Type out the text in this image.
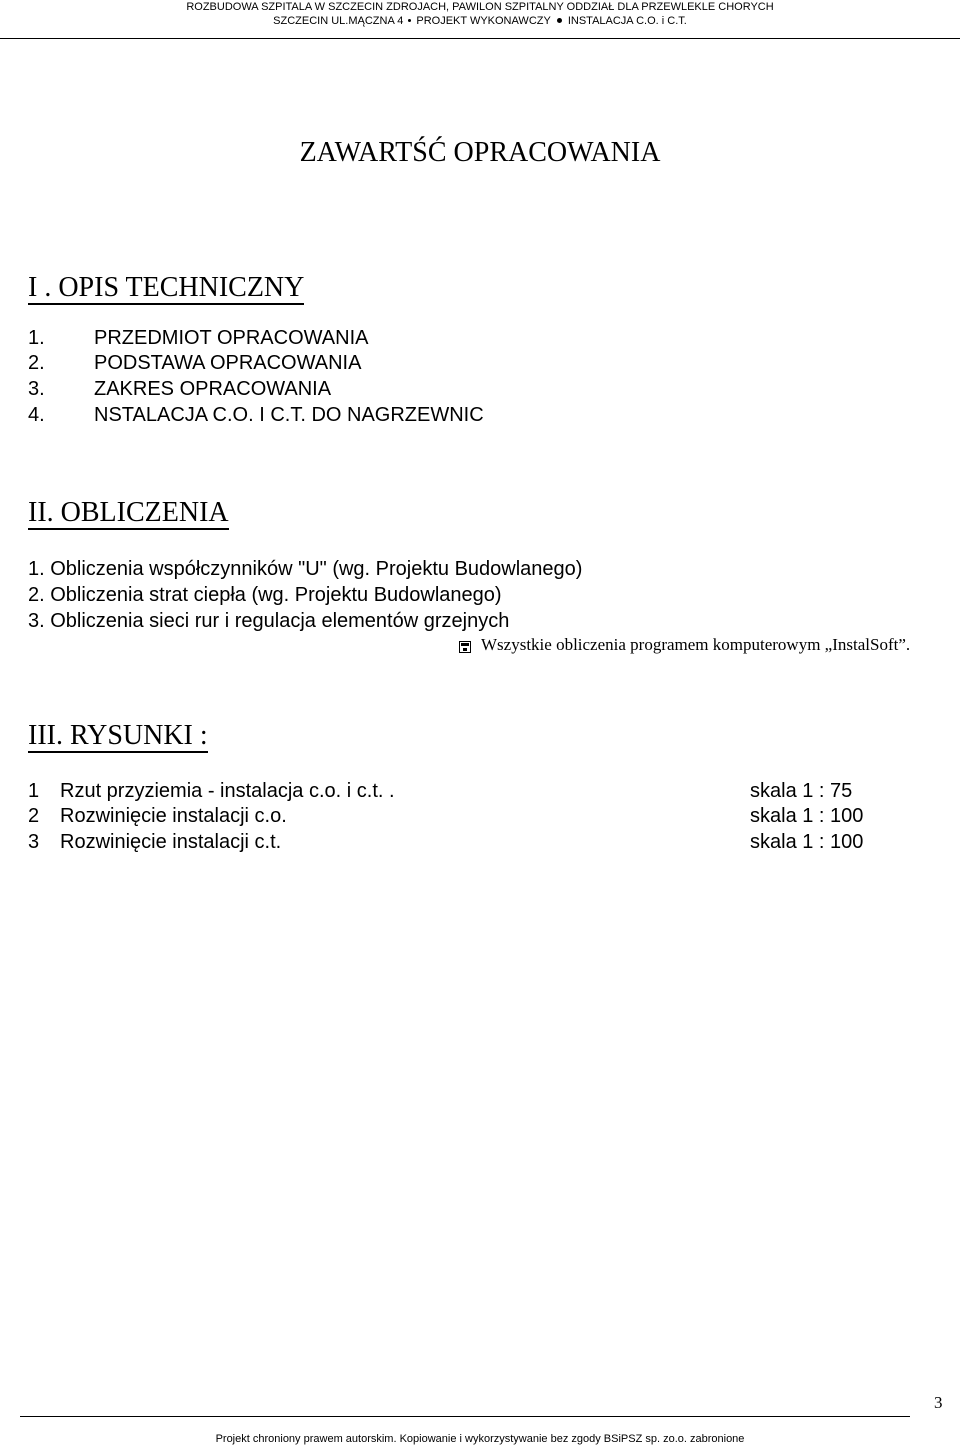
ROZBUDOWA SZPITALA W SZCZECIN ZDROJACH, PAWILON SZPITALNY ODDZIAŁ DLA PRZEWLEKLE CHORYCH
SZCZECIN UL.MĄCZNA 4 PROJEKT WYKONAWCZY INSTALACJA C.O. i C.T.
ZAWARTŚĆ OPRACOWANIA
I . OPIS TECHNICZNY
1. PRZEDMIOT OPRACOWANIA
2. PODSTAWA OPRACOWANIA
3. ZAKRES OPRACOWANIA
4. NSTALACJA C.O. I C.T. DO NAGRZEWNIC
II. OBLICZENIA
1. Obliczenia współczynników "U" (wg. Projektu Budowlanego)
2. Obliczenia strat ciepła (wg. Projektu Budowlanego)
3. Obliczenia sieci rur i regulacja elementów grzejnych
Wszystkie obliczenia programem komputerowym „InstalSoft”.
III. RYSUNKI :
1 Rzut przyziemia - instalacja c.o. i c.t. .	skala 1 : 75
2 Rozwinięcie instalacji c.o.	skala 1 : 100
3 Rozwinięcie instalacji c.t.	skala 1 : 100
3
Projekt chroniony prawem autorskim. Kopiowanie i wykorzystywanie bez zgody BSiPSZ sp. zo.o. zabronione
